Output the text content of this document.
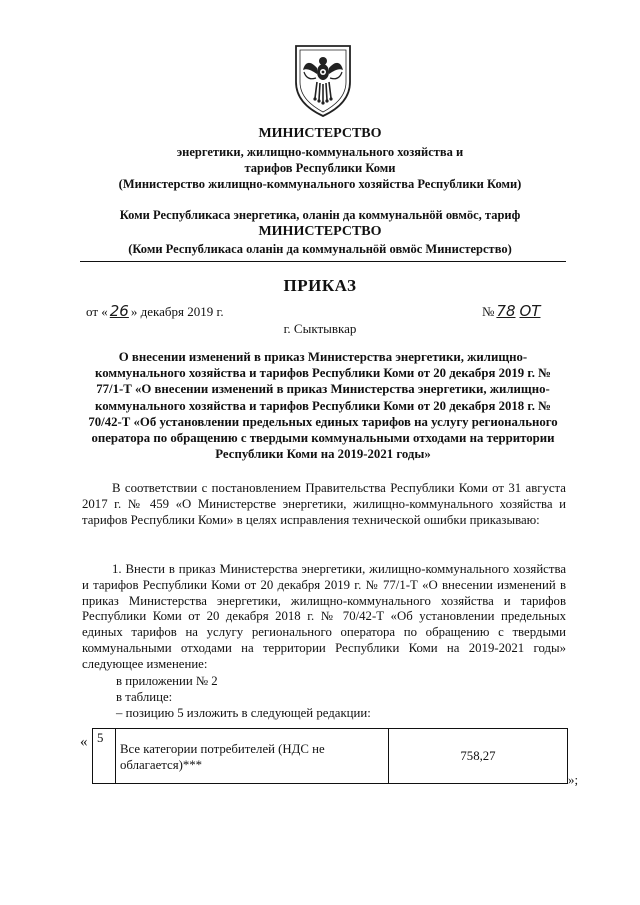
МИНИСТЕРСТВО
энергетики, жилищно-коммунального хозяйства и
тарифов Республики Коми
(Министерство жилищно-коммунального хозяйства Республики Коми)
Коми Республикаса энергетика, оланiн да коммунальнöй овмöс, тариф
МИНИСТЕРСТВО
(Коми Республикаса оланiн да коммунальнöй овмöс Министерство)
ПРИКАЗ
от « 26 » декабря 2019 г.	№ 78 ОТ
г. Сыктывкар
О внесении изменений в приказ Министерства энергетики, жилищно-коммунального хозяйства и тарифов Республики Коми от 20 декабря 2019 г. № 77/1-Т «О внесении изменений в приказ Министерства энергетики, жилищно-коммунального хозяйства и тарифов Республики Коми от 20 декабря 2018 г. № 70/42-Т «Об установлении предельных единых тарифов на услугу регионального оператора по обращению с твердыми коммунальными отходами на территории Республики Коми на 2019-2021 годы»
В соответствии с постановлением Правительства Республики Коми от 31 августа 2017 г. № 459 «О Министерстве энергетики, жилищно-коммунального хозяйства и тарифов Республики Коми» в целях исправления технической ошибки приказываю:
1. Внести в приказ Министерства энергетики, жилищно-коммунального хозяйства и тарифов Республики Коми от 20 декабря 2019 г. № 77/1-Т «О внесении изменений в приказ Министерства энергетики, жилищно-коммунального хозяйства и тарифов Республики Коми от 20 декабря 2018 г. № 70/42-Т «Об установлении предельных единых тарифов на услугу регионального оператора по обращению с твердыми коммунальными отходами на территории Республики Коми на 2019-2021 годы» следующее изменение:
в приложении № 2
в таблице:
– позицию 5 изложить в следующей редакции:
« 5	Все категории потребителей (НДС не облагается)***	758,27
»;
